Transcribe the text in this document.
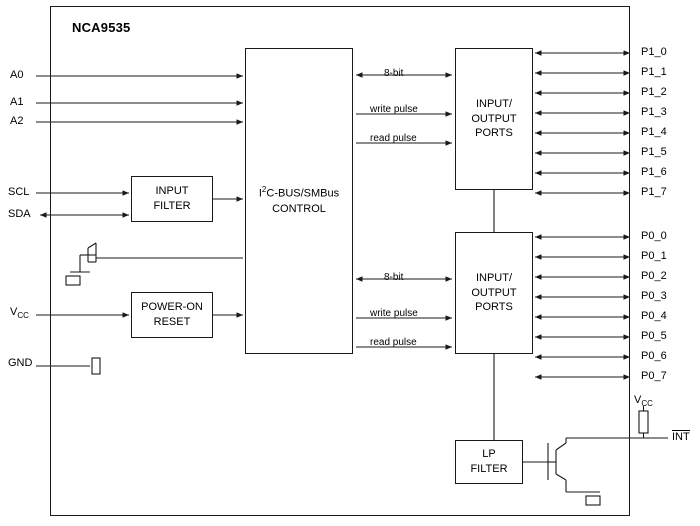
NCA9535
$I^2C-BUS$/SMBus
CONTROL
INPUT
FILTER
POWER-ON
RESET
INPUT/
OUTPUT
PORTS
INPUT/
OUTPUT
PORTS
LP
FILTER
A0
A1
A2
SCL
SDA
$V_{CC}$
GND
8-bit
write pulse
read pulse
8-bit
write pulse
read pulse
P1_0
P1_1
P1_2
P1_3
P1_4
P1_5
P1_6
P1_7
P0_0
P0_1
P0_2
P0_3
P0_4
P0_5
P0_6
P0_7
$V_{CC}$
INT
